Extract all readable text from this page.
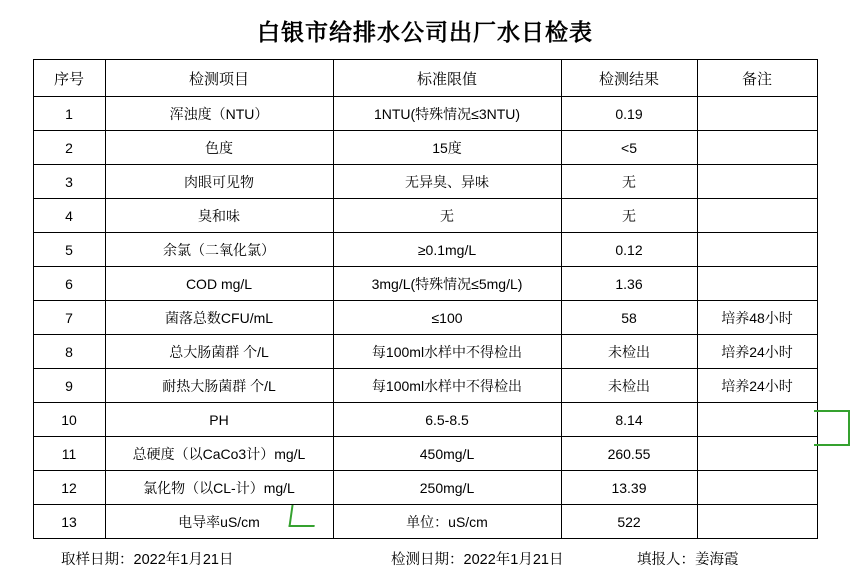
白银市给排水公司出厂水日检表
序号	检测项目	标准限值	检测结果	备注
1	浑浊度（NTU）	1NTU(特殊情况≤3NTU)	0.19	
2	色度	15度	<5	
3	肉眼可见物	无异臭、异味	无	
4	臭和味	无	无	
5	余氯（二氧化氯）	≥0.1mg/L	0.12	
6	COD mg/L	3mg/L(特殊情况≤5mg/L)	1.36	
7	菌落总数CFU/mL	≤100	58	培养48小时
8	总大肠菌群 个/L	每100ml水样中不得检出	未检出	培养24小时
9	耐热大肠菌群 个/L	每100ml水样中不得检出	未检出	培养24小时
10	PH	6.5-8.5	8.14	
11	总硬度（以CaCo3计）mg/L	450mg/L	260.55	
12	氯化物（以CL-计）mg/L	250mg/L	13.39	
13	电导率uS/cm	单位：uS/cm	522	
取样日期：2022年1月21日	检测日期：2022年1月21日	填报人：姜海霞
